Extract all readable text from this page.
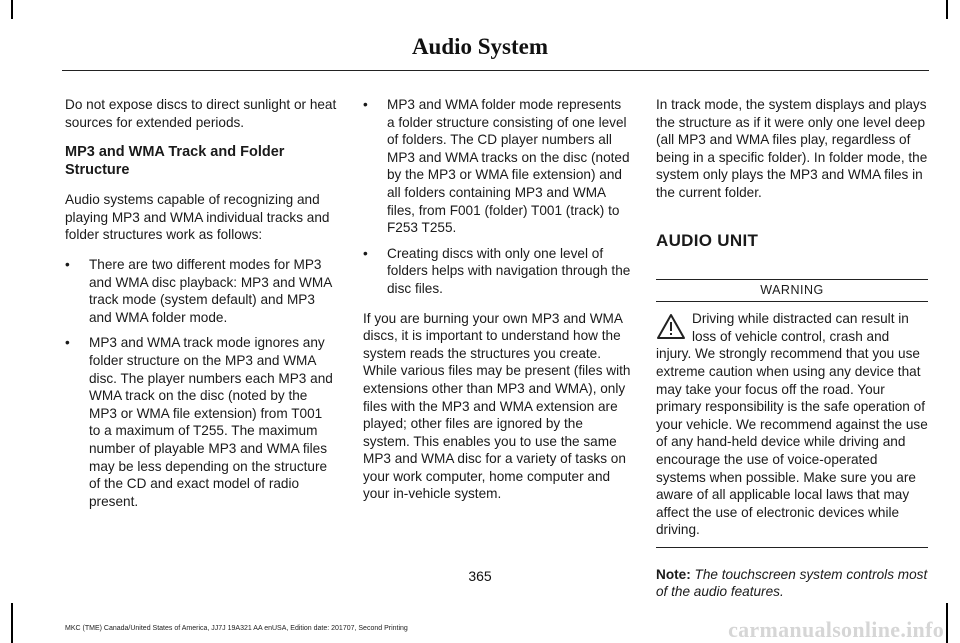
Audio System

Do not expose discs to direct sunlight or heat sources for extended periods.

MP3 and WMA Track and Folder Structure

Audio systems capable of recognizing and playing MP3 and WMA individual tracks and folder structures work as follows:

• There are two different modes for MP3 and WMA disc playback: MP3 and WMA track mode (system default) and MP3 and WMA folder mode.
• MP3 and WMA track mode ignores any folder structure on the MP3 and WMA disc. The player numbers each MP3 and WMA track on the disc (noted by the MP3 or WMA file extension) from T001 to a maximum of T255. The maximum number of playable MP3 and WMA files may be less depending on the structure of the CD and exact model of radio present.
• MP3 and WMA folder mode represents a folder structure consisting of one level of folders. The CD player numbers all MP3 and WMA tracks on the disc (noted by the MP3 or WMA file extension) and all folders containing MP3 and WMA files, from F001 (folder) T001 (track) to F253 T255.
• Creating discs with only one level of folders helps with navigation through the disc files.

If you are burning your own MP3 and WMA discs, it is important to understand how the system reads the structures you create. While various files may be present (files with extensions other than MP3 and WMA), only files with the MP3 and WMA extension are played; other files are ignored by the system. This enables you to use the same MP3 and WMA disc for a variety of tasks on your work computer, home computer and your in-vehicle system.

In track mode, the system displays and plays the structure as if it were only one level deep (all MP3 and WMA files play, regardless of being in a specific folder). In folder mode, the system only plays the MP3 and WMA files in the current folder.

AUDIO UNIT
WARNING

Driving while distracted can result in loss of vehicle control, crash and injury. We strongly recommend that you use extreme caution when using any device that may take your focus off the road. Your primary responsibility is the safe operation of your vehicle. We recommend against the use of any hand-held device while driving and encourage the use of voice-operated systems when possible. Make sure you are aware of all applicable local laws that may affect the use of electronic devices while driving.

Note: The touchscreen system controls most of the audio features.

365
MKC (TME) Canada/United States of America, JJ7J 19A321 AA enUSA, Edition date: 201707, Second Printing	carmanualsonline.info
